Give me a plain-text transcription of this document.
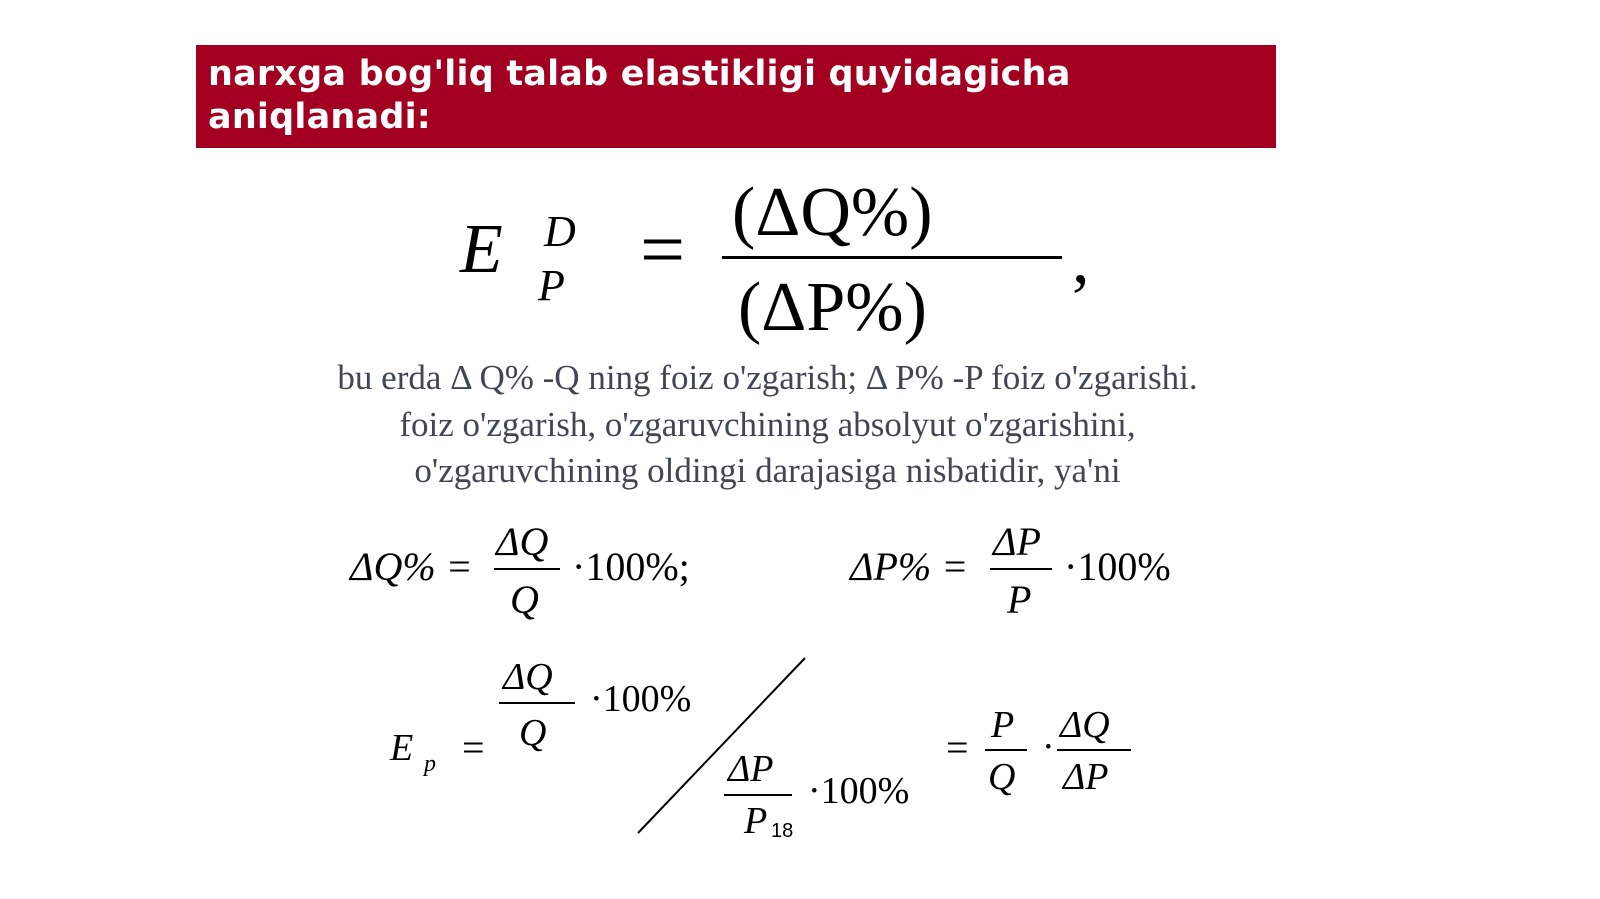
narxga bog'liq talab elastikligi quyidagicha aniqlanadi:
E D
P = (ΔQ%)
(ΔP%)
,
bu erda Δ Q% -Q ning foiz o'zgarish; Δ P% -P foiz o'zgarishi.
foiz o'zgarish, o'zgaruvchining absolyut o'zgarishini,
o'zgaruvchining oldingi darajasiga nisbatidir, ya'ni
ΔQ% =
ΔQ
Q
·100%;	ΔP% =
ΔP
P
·100%
E p =
ΔQ
Q
·100%
ΔP
P
·100%
= P
Q
·
ΔQ
ΔP
18
